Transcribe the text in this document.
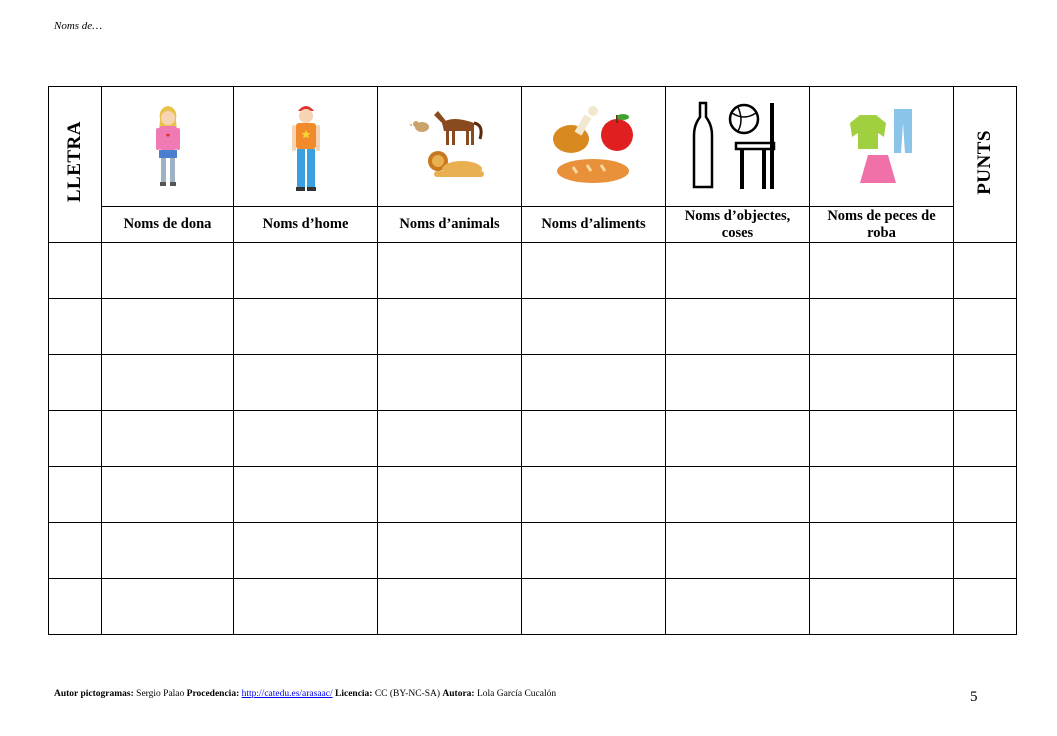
Noms de…
LLETRA							PUNTS
	Noms de dona	Noms d’home	Noms d’animals	Noms d’aliments	Noms d’objectes, coses	Noms de peces de roba	

Autor pictogramas: Sergio Palao Procedencia: http://catedu.es/arasaac/ Licencia: CC (BY-NC-SA) Autora: Lola García Cucalón	5
